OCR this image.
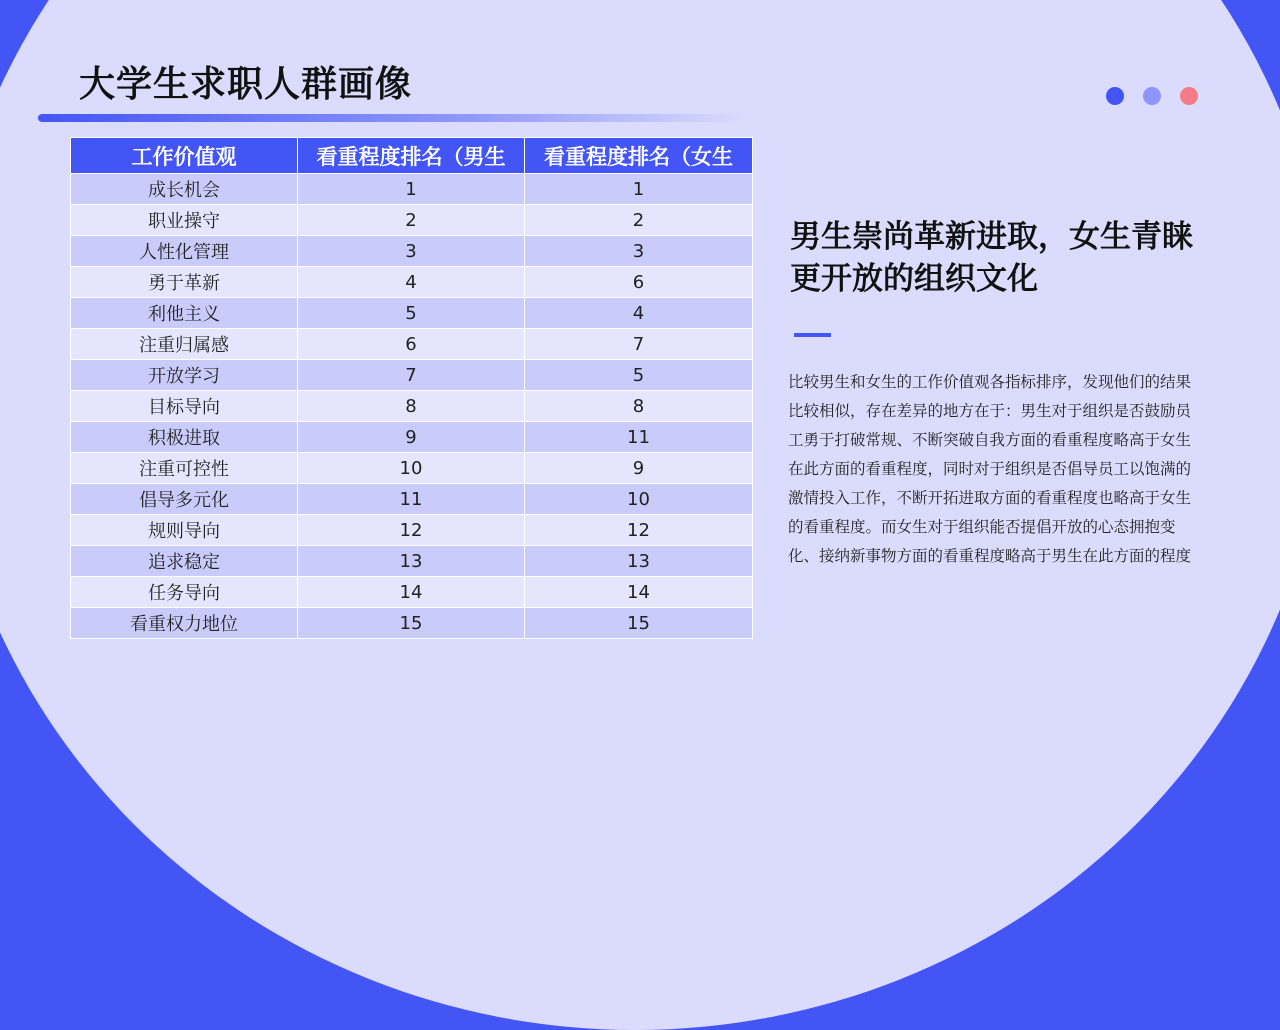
大学生求职人群画像
工作价值观	看重程度排名（男生	看重程度排名（女生
成长机会	1	1
职业操守	2	2
人性化管理	3	3
勇于革新	4	6
利他主义	5	4
注重归属感	6	7
开放学习	7	5
目标导向	8	8
积极进取	9	11
注重可控性	10	9
倡导多元化	11	10
规则导向	12	12
追求稳定	13	13
任务导向	14	14
看重权力地位	15	15
男生崇尚革新进取，女生青睐更开放的组织文化

比较男生和女生的工作价值观各指标排序，发现他们的结果比较相似，存在差异的地方在于：男生对于组织是否鼓励员工勇于打破常规、不断突破自我方面的看重程度略高于女生在此方面的看重程度，同时对于组织是否倡导员工以饱满的激情投入工作，不断开拓进取方面的看重程度也略高于女生的看重程度。而女生对于组织能否提倡开放的心态拥抱变化、接纳新事物方面的看重程度略高于男生在此方面的程度
